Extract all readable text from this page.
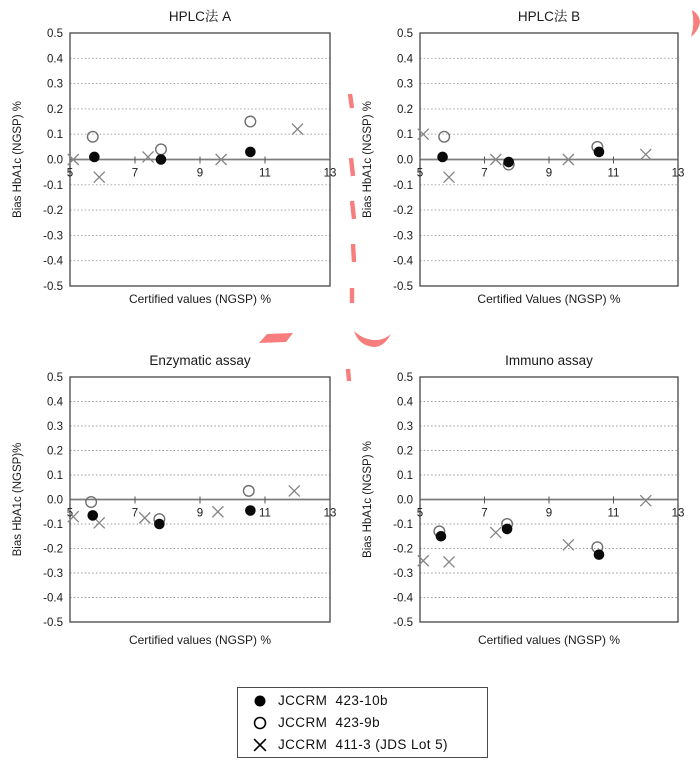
HPLC法 A
5	7	9	11	13
0.5
0.4
0.3
0.2
0.1
0.0
-0.1
-0.2
-0.3
-0.4
-0.5
Bias HbA1c (NGSP) %
Certified values (NGSP) %
HPLC法 B
5	7	9	11	13
0.5
0.4
0.3
0.2
0.1
0.0
-0.1
-0.2
-0.3
-0.4
-0.5
Bias HbA1c (NGSP) %
Certified Values (NGSP) %
Enzymatic assay
5	7	9	11	13
0.5
0.4
0.3
0.2
0.1
0.0
-0.1
-0.2
-0.3
-0.4
-0.5
Bias HbA1c (NGSP)%
Certified values (NGSP) %
Immuno assay
5	7	9	11	13
0.5
0.4
0.3
0.2
0.1
0.0
-0.1
-0.2
-0.3
-0.4
-0.5
Bias HbA1c (NGSP) %
Certified values (NGSP) %
JCCRM  423-10b
JCCRM  423-9b
JCCRM  411-3 (JDS Lot 5)
